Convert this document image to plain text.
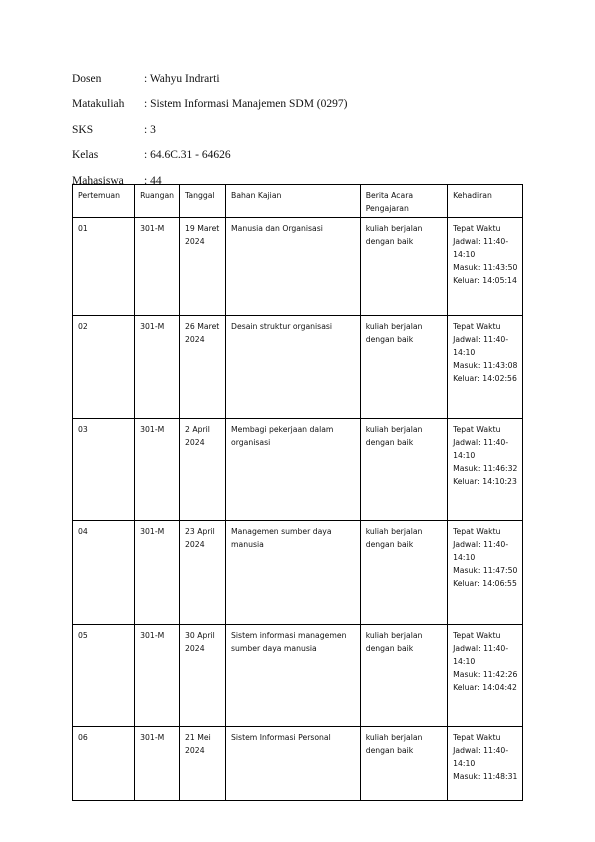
Dosen	: Wahyu Indrarti
Matakuliah	: Sistem Informasi Manajemen SDM (0297)
SKS	: 3
Kelas	: 64.6C.31 - 64626
Mahasiswa	: 44
Pertemuan	Ruangan	Tanggal	Bahan Kajian	Berita Acara Pengajaran	Kehadiran
01	301-M	19 Maret 2024	Manusia dan Organisasi	kuliah berjalan dengan baik	Tepat Waktu
Jadwal: 11:40-14:10
Masuk: 11:43:50
Keluar: 14:05:14

02	301-M	26 Maret 2024	Desain struktur organisasi	kuliah berjalan dengan baik	Tepat Waktu
Jadwal: 11:40-14:10
Masuk: 11:43:08
Keluar: 14:02:56

03	301-M	2 April 2024	Membagi pekerjaan dalam organisasi	kuliah berjalan dengan baik	Tepat Waktu
Jadwal: 11:40-14:10
Masuk: 11:46:32
Keluar: 14:10:23

04	301-M	23 April 2024	Managemen sumber daya manusia	kuliah berjalan dengan baik	Tepat Waktu
Jadwal: 11:40-14:10
Masuk: 11:47:50
Keluar: 14:06:55

05	301-M	30 April 2024	Sistem informasi managemen sumber daya manusia	kuliah berjalan dengan baik	Tepat Waktu
Jadwal: 11:40-14:10
Masuk: 11:42:26
Keluar: 14:04:42

06	301-M	21 Mei 2024	Sistem Informasi Personal	kuliah berjalan dengan baik	Tepat Waktu
Jadwal: 11:40-14:10
Masuk: 11:48:31
